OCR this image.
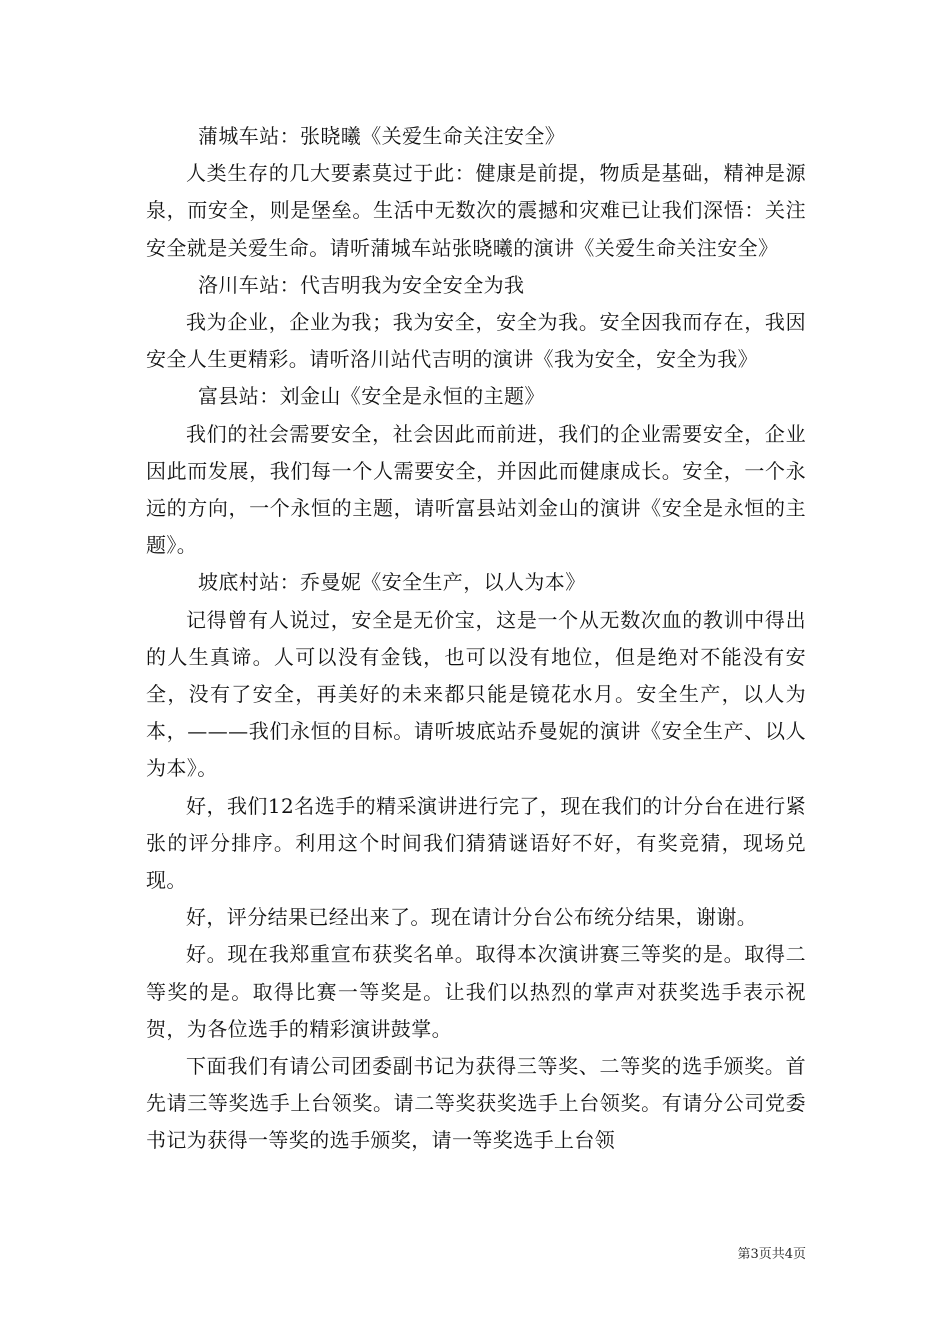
蒲城车站：张晓曦《关爱生命关注安全》

人类生存的几大要素莫过于此：健康是前提，物质是基础，精神是源泉，而安全，则是堡垒。生活中无数次的震撼和灾难已让我们深悟：关注安全就是关爱生命。请听蒲城车站张晓曦的演讲《关爱生命关注安全》

洛川车站：代吉明我为安全安全为我

我为企业，企业为我；我为安全，安全为我。安全因我而存在，我因安全人生更精彩。请听洛川站代吉明的演讲《我为安全，安全为我》

富县站：刘金山《安全是永恒的主题》

我们的社会需要安全，社会因此而前进，我们的企业需要安全，企业因此而发展，我们每一个人需要安全，并因此而健康成长。安全，一个永远的方向，一个永恒的主题，请听富县站刘金山的演讲《安全是永恒的主题》。

坡底村站：乔曼妮《安全生产，以人为本》

记得曾有人说过，安全是无价宝，这是一个从无数次血的教训中得出的人生真谛。人可以没有金钱，也可以没有地位，但是绝对不能没有安全，没有了安全，再美好的未来都只能是镜花水月。安全生产，以人为本，———我们永恒的目标。请听坡底站乔曼妮的演讲《安全生产、以人为本》。

好，我们12名选手的精采演讲进行完了，现在我们的计分台在进行紧张的评分排序。利用这个时间我们猜猜谜语好不好，有奖竞猜，现场兑现。

好，评分结果已经出来了。现在请计分台公布统分结果，谢谢。

好。现在我郑重宣布获奖名单。取得本次演讲赛三等奖的是。取得二等奖的是。取得比赛一等奖是。让我们以热烈的掌声对获奖选手表示祝贺，为各位选手的精彩演讲鼓掌。

下面我们有请公司团委副书记为获得三等奖、二等奖的选手颁奖。首先请三等奖选手上台领奖。请二等奖获奖选手上台领奖。有请分公司党委书记为获得一等奖的选手颁奖，请一等奖选手上台领

第3页共4页
